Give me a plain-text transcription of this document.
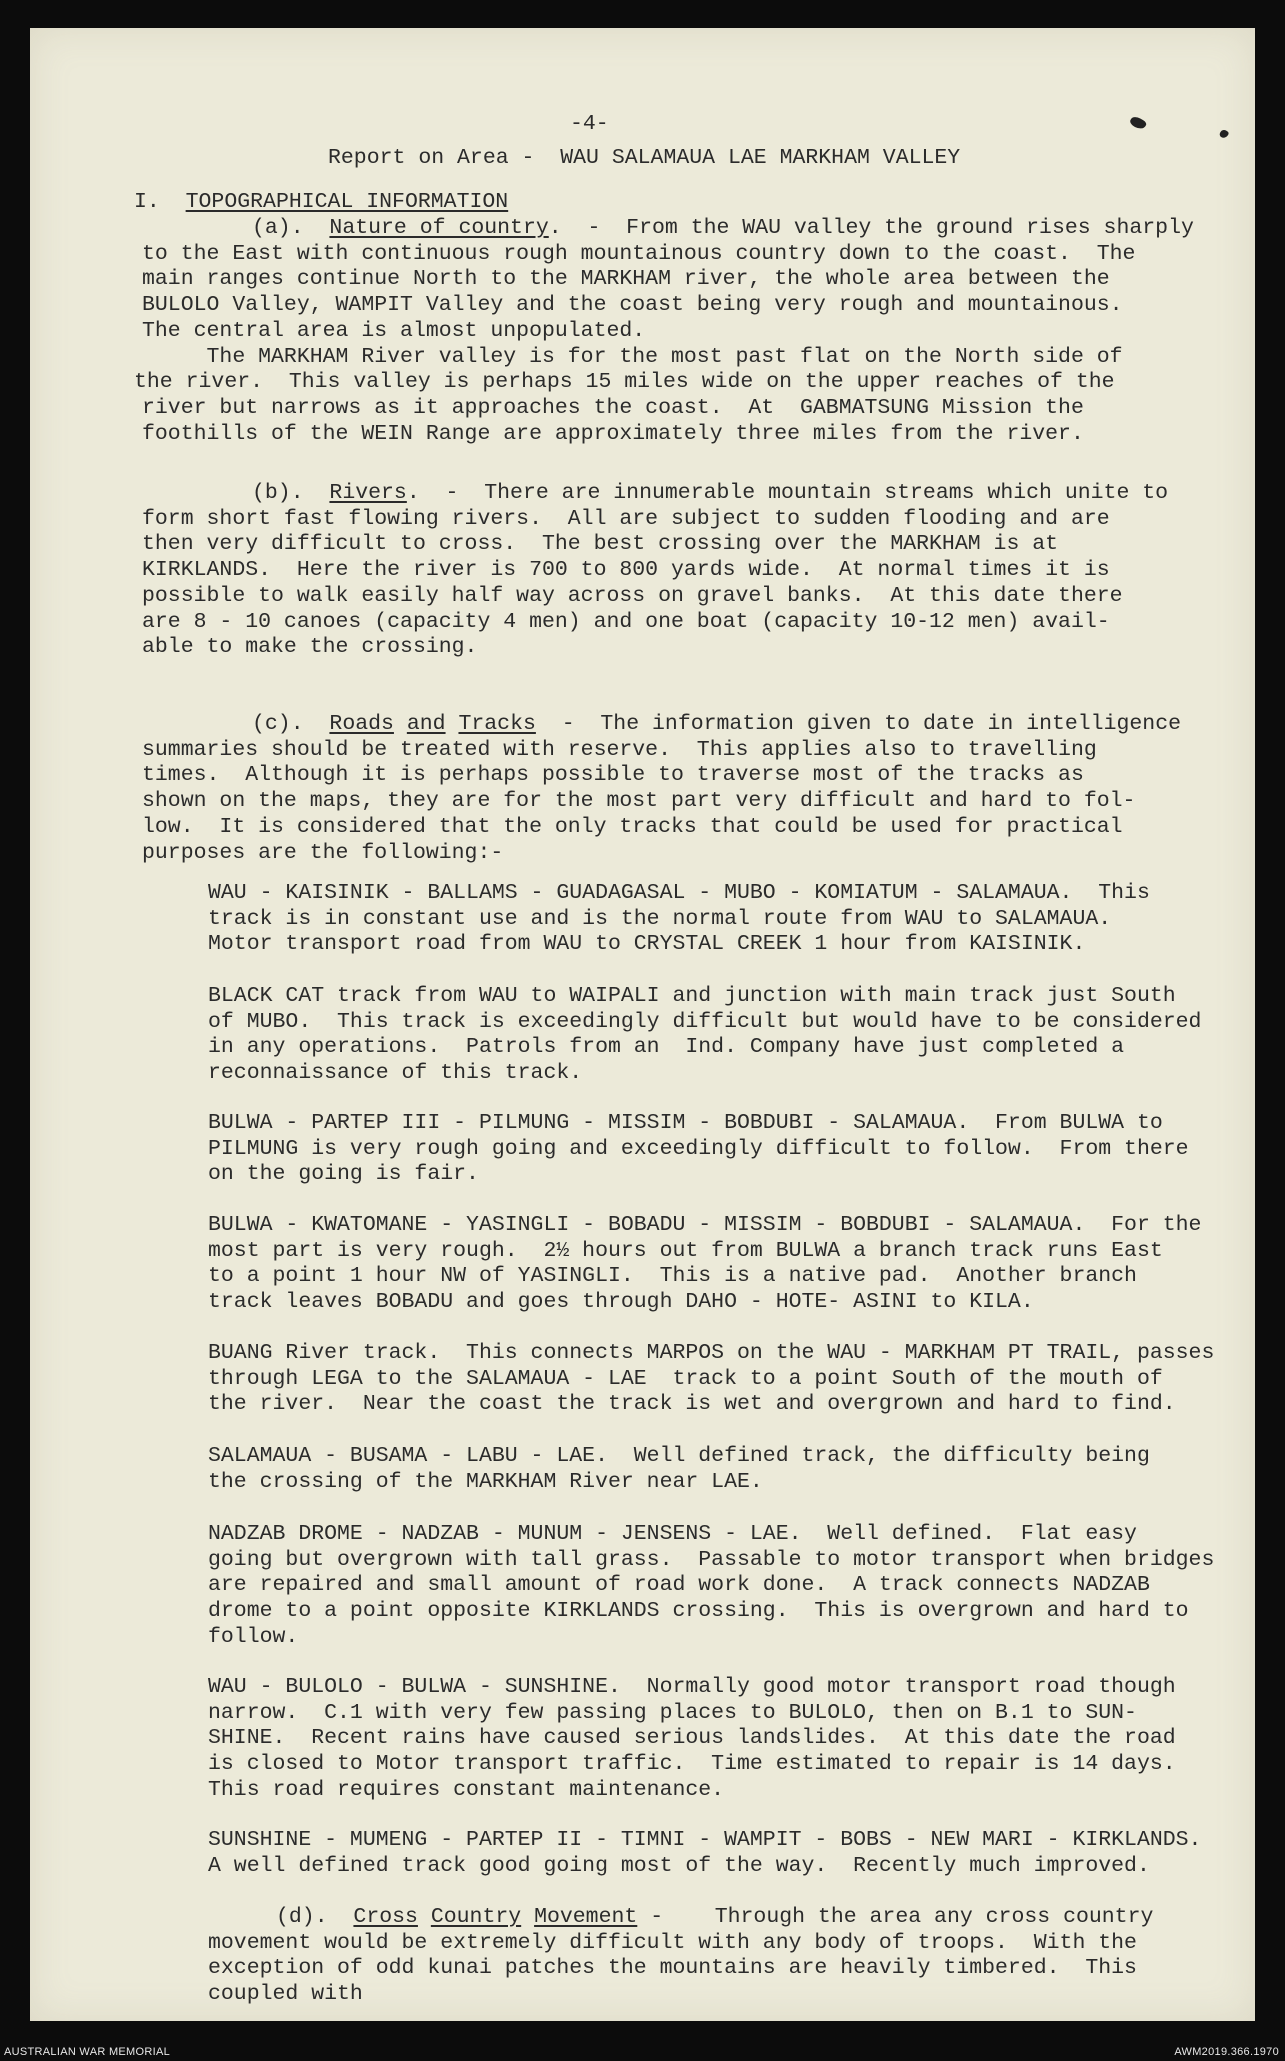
-4-
Report on Area -  WAU SALAMAUA LAE MARKHAM VALLEY
I. TOPOGRAPHICAL INFORMATION
(a).  Nature of country.  -  From the WAU valley the ground rises sharply
to the East with continuous rough mountainous country down to the coast.  The
main ranges continue North to the MARKHAM river, the whole area between the
BULOLO Valley, WAMPIT Valley and the coast being very rough and mountainous.
The central area is almost unpopulated.
The MARKHAM River valley is for the most past flat on the North side of
the river.  This valley is perhaps 15 miles wide on the upper reaches of the
river but narrows as it approaches the coast.  At  GABMATSUNG Mission the
foothills of the WEIN Range are approximately three miles from the river.
(b).  Rivers.  -  There are innumerable mountain streams which unite to
form short fast flowing rivers.  All are subject to sudden flooding and are
then very difficult to cross.  The best crossing over the MARKHAM is at
KIRKLANDS.  Here the river is 700 to 800 yards wide.  At normal times it is
possible to walk easily half way across on gravel banks.  At this date there
are 8 - 10 canoes (capacity 4 men) and one boat (capacity 10-12 men) avail-
able to make the crossing.
(c).  Roads and Tracks  -  The information given to date in intelligence
summaries should be treated with reserve.  This applies also to travelling
times.  Although it is perhaps possible to traverse most of the tracks as
shown on the maps, they are for the most part very difficult and hard to fol-
low.  It is considered that the only tracks that could be used for practical
purposes are the following:-
WAU - KAISINIK - BALLAMS - GUADAGASAL - MUBO - KOMIATUM - SALAMAUA.  This
track is in constant use and is the normal route from WAU to SALAMAUA.
Motor transport road from WAU to CRYSTAL CREEK 1 hour from KAISINIK.
BLACK CAT track from WAU to WAIPALI and junction with main track just South
of MUBO.  This track is exceedingly difficult but would have to be considered
in any operations.  Patrols from an  Ind. Company have just completed a
reconnaissance of this track.
BULWA - PARTEP III - PILMUNG - MISSIM - BOBDUBI - SALAMAUA.  From BULWA to
PILMUNG is very rough going and exceedingly difficult to follow.  From there
on the going is fair.
BULWA - KWATOMANE - YASINGLI - BOBADU - MISSIM - BOBDUBI - SALAMAUA.  For the
most part is very rough.  2½ hours out from BULWA a branch track runs East
to a point 1 hour NW of YASINGLI.  This is a native pad.  Another branch
track leaves BOBADU and goes through DAHO - HOTE- ASINI to KILA.
BUANG River track.  This connects MARPOS on the WAU - MARKHAM PT TRAIL, passes
through LEGA to the SALAMAUA - LAE  track to a point South of the mouth of
the river.  Near the coast the track is wet and overgrown and hard to find.
SALAMAUA - BUSAMA - LABU - LAE.  Well defined track, the difficulty being
the crossing of the MARKHAM River near LAE.
NADZAB DROME - NADZAB - MUNUM - JENSENS - LAE.  Well defined.  Flat easy
going but overgrown with tall grass.  Passable to motor transport when bridges
are repaired and small amount of road work done.  A track connects NADZAB
drome to a point opposite KIRKLANDS crossing.  This is overgrown and hard to
follow.
WAU - BULOLO - BULWA - SUNSHINE.  Normally good motor transport road though
narrow.  C.1 with very few passing places to BULOLO, then on B.1 to SUN-
SHINE.  Recent rains have caused serious landslides.  At this date the road
is closed to Motor transport traffic.  Time estimated to repair is 14 days.
This road requires constant maintenance.
SUNSHINE - MUMENG - PARTEP II - TIMNI - WAMPIT - BOBS - NEW MARI - KIRKLANDS.
A well defined track good going most of the way.  Recently much improved.
(d).  Cross Country Movement -    Through the area any cross country
movement would be extremely difficult with any body of troops.  With the
exception of odd kunai patches the mountains are heavily timbered.  This
coupled with
AUSTRALIAN WAR MEMORIAL	AWM2019.366.1970
